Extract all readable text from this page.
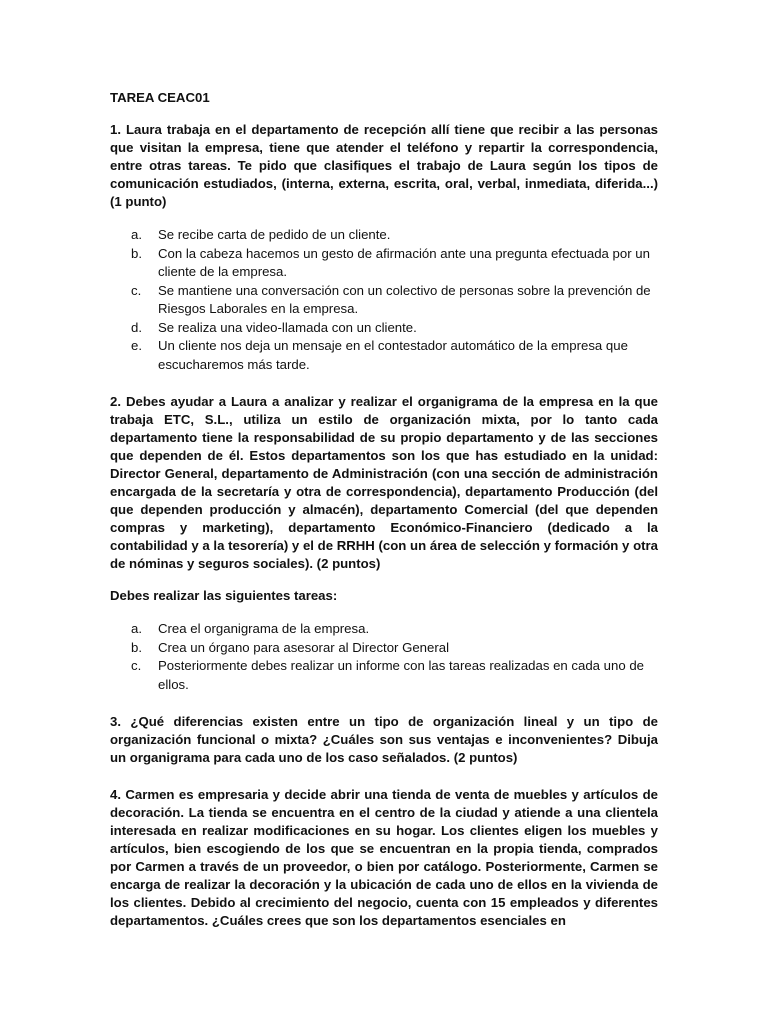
TAREA CEAC01

1. Laura trabaja en el departamento de recepción allí tiene que recibir a las personas que visitan la empresa, tiene que atender el teléfono y repartir la correspondencia, entre otras tareas. Te pido que clasifiques el trabajo de Laura según los tipos de comunicación estudiados, (interna, externa, escrita, oral, verbal, inmediata, diferida...) (1 punto)

a. Se recibe carta de pedido de un cliente.
b. Con la cabeza hacemos un gesto de afirmación ante una pregunta efectuada por un cliente de la empresa.
c. Se mantiene una conversación con un colectivo de personas sobre la prevención de Riesgos Laborales en la empresa.
d. Se realiza una video-llamada con un cliente.
e. Un cliente nos deja un mensaje en el contestador automático de la empresa que escucharemos más tarde.

2. Debes ayudar a Laura a analizar y realizar el organigrama de la empresa en la que trabaja ETC, S.L., utiliza un estilo de organización mixta, por lo tanto cada departamento tiene la responsabilidad de su propio departamento y de las secciones que dependen de él. Estos departamentos son los que has estudiado en la unidad: Director General, departamento de Administración (con una sección de administración encargada de la secretaría y otra de correspondencia), departamento Producción (del que dependen producción y almacén), departamento Comercial (del que dependen compras y marketing), departamento Económico-Financiero (dedicado a la contabilidad y a la tesorería) y el de RRHH (con un área de selección y formación y otra de nóminas y seguros sociales). (2 puntos)

Debes realizar las siguientes tareas:

a. Crea el organigrama de la empresa.
b. Crea un órgano para asesorar al Director General
c. Posteriormente debes realizar un informe con las tareas realizadas en cada uno de ellos.

3. ¿Qué diferencias existen entre un tipo de organización lineal y un tipo de organización funcional o mixta? ¿Cuáles son sus ventajas e inconvenientes? Dibuja un organigrama para cada uno de los caso señalados. (2 puntos)

4. Carmen es empresaria y decide abrir una tienda de venta de muebles y artículos de decoración. La tienda se encuentra en el centro de la ciudad y atiende a una clientela interesada en realizar modificaciones en su hogar. Los clientes eligen los muebles y artículos, bien escogiendo de los que se encuentran en la propia tienda, comprados por Carmen a través de un proveedor, o bien por catálogo. Posteriormente, Carmen se encarga de realizar la decoración y la ubicación de cada uno de ellos en la vivienda de los clientes. Debido al crecimiento del negocio, cuenta con 15 empleados y diferentes departamentos. ¿Cuáles crees que son los departamentos esenciales en
